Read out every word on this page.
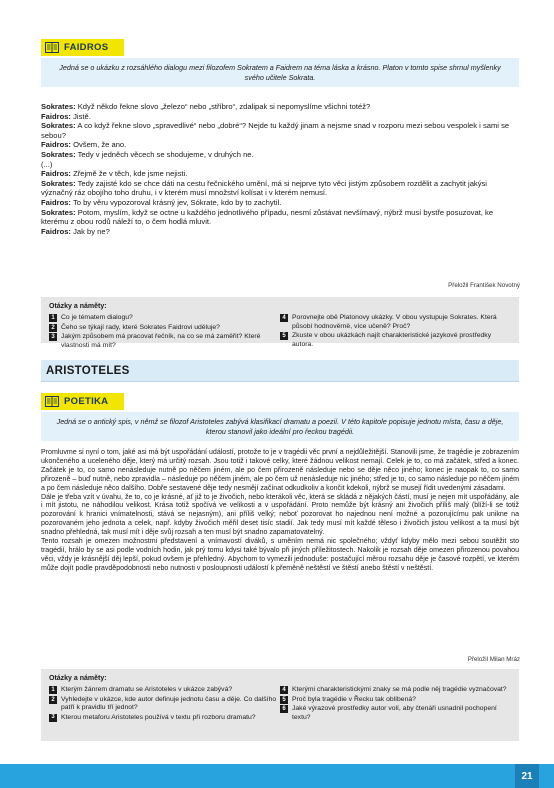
FAIDROS
Jedná se o ukázku z rozsáhlého dialogu mezi filozofem Sokratem a Faidrem na téma láska a krásno. Platon v tomto spise shrnul myšlenky svého učitele Sokrata.

Sokrates: Když někdo řekne slovo „železo“ nebo „stříbro“, zdalipak si nepomyslíme všichni totéž?

Faidros: Jistě.

Sokrates: A co když řekne slovo „spravedlivé“ nebo „dobré“? Nejde tu každý jinam a nejsme snad v rozporu mezi sebou vespolek i sami se sebou?

Faidros: Ovšem, že ano.

Sokrates: Tedy v jedněch věcech se shodujeme, v druhých ne.

(...)

Faidros: Zřejmě že v těch, kde jsme nejisti.

Sokrates: Tedy zajisté kdo se chce dáti na cestu řečnického umění, má si nejprve tyto věci jistým způsobem rozdělit a zachytit jakýsi význačný ráz obojího toho druhu, i v kterém musí množství kolísat i v kterém nemusí.

Faidros: To by věru vypozoroval krásný jev, Sókrate, kdo by to zachytil.

Sokrates: Potom, myslím, když se octne u každého jednotlivého případu, nesmí zůstávat nevšímavý, nýbrž musí bystře posuzovat, ke kterému z obou rodů náleží to, o čem hodlá mluvit.

Faidros: Jak by ne?

Přeložil František Novotný
Otázky a náměty:
1 Co je tématem dialogu?
2 Čeho se týkají rady, které Sokrates Faidrovi uděluje?
3 Jakým způsobem má pracovat řečník, na co se má zaměřit? Které vlastnosti má mít?
4 Porovnejte obě Platonovy ukázky. V obou vystupuje Sokrates. Která působí hodnověrně, více učeně? Proč?
5 Zkuste v obou ukázkách najít charakteristické jazykové prostředky autora.
ARISTOTELES
POETIKA
Jedná se o antický spis, v němž se filozof Aristoteles zabývá klasifikací dramatu a poezií. V této kapitole popisuje jednotu místa, času a děje, kterou stanovil jako ideální pro řeckou tragédii.

Promluvme si nyní o tom, jaké asi má být uspořádání událostí, protože to je v tragédii věc první a nejdůležitější. Stanovili jsme, že tragédie je zobrazením ukončeného a uceleného děje, který má určitý rozsah. Jsou totiž i takové celky, které žádnou velikost nemají. Celek je to, co má začátek, střed a konec. Začátek je to, co samo nenásleduje nutně po něčem jiném, ale po čem přirozeně následuje nebo se děje něco jiného; konec je naopak to, co samo přirozeně – buď nutně, nebo zpravidla – následuje po něčem jiném, ale po čem už nenásleduje nic jiného; střed je to, co samo následuje po něčem jiném a po čem následuje něco dalšího. Dobře sestavené děje tedy nesmějí začínat odkudkoliv a končit kdekoli, nýbrž se musejí řídit uvedenými zásadami.

Dále je třeba vzít v úvahu, že to, co je krásné, ať již to je živočich, nebo kterákoli věc, která se skládá z nějakých částí, musí je nejen mít uspořádány, ale i mít jistotu, ne náhodilou velikost. Krása totiž spočívá ve velikosti a v uspořádání. Proto nemůže být krásný ani živočich příliš malý (blíží-li se totiž pozorování k hranici vnímatelnosti, stává se nejasným), ani příliš velký; neboť pozorovat ho najednou není možné a pozorujícímu pak unikne na pozorovaném jeho jednota a celek, např. kdyby živočich měřil deset tisíc stadií. Jak tedy musí mít každé těleso i živočich jistou velikost a ta musí být snadno přehledná, tak musí mít i děje svůj rozsah a ten musí být snadno zapamatovatelný.

Tento rozsah je omezen možnostmi představení a vnímavostí diváků, s uměním nemá nic společného; vždyť kdyby mělo mezi sebou soutěžit sto tragédií, hrálo by se asi podle vodních hodin, jak prý tomu kdysi také bývalo při jiných příležitostech. Nakolik je rozsah děje omezen přirozenou povahou věci, vždy je krásnější děj lepší, pokud ovšem je přehledný. Abychom to vymezili jednoduše: postačující měrou rozsahu děje je časové rozpětí, ve kterém může dojít podle pravděpodobnosti nebo nutnosti v posloupnosti událostí k přeměně neštěstí ve štěstí anebo štěstí v neštěstí.

Přeložil Milan Mráz
Otázky a náměty:
1 Kterým žánrem dramatu se Aristoteles v ukázce zabývá?
2 Vyhledejte v ukázce, kde autor definuje jednotu času a děje. Co dalšího patří k pravidlu tří jednot?
3 Kterou metaforu Aristoteles používá v textu při rozboru dramatu?
4 Kterými charakteristickými znaky se má podle něj tragédie vyznačovat?
5 Proč byla tragédie v Řecku tak oblíbená?
6 Jaké výrazové prostředky autor volí, aby čtenáři usnadnil pochopení textu?
21
